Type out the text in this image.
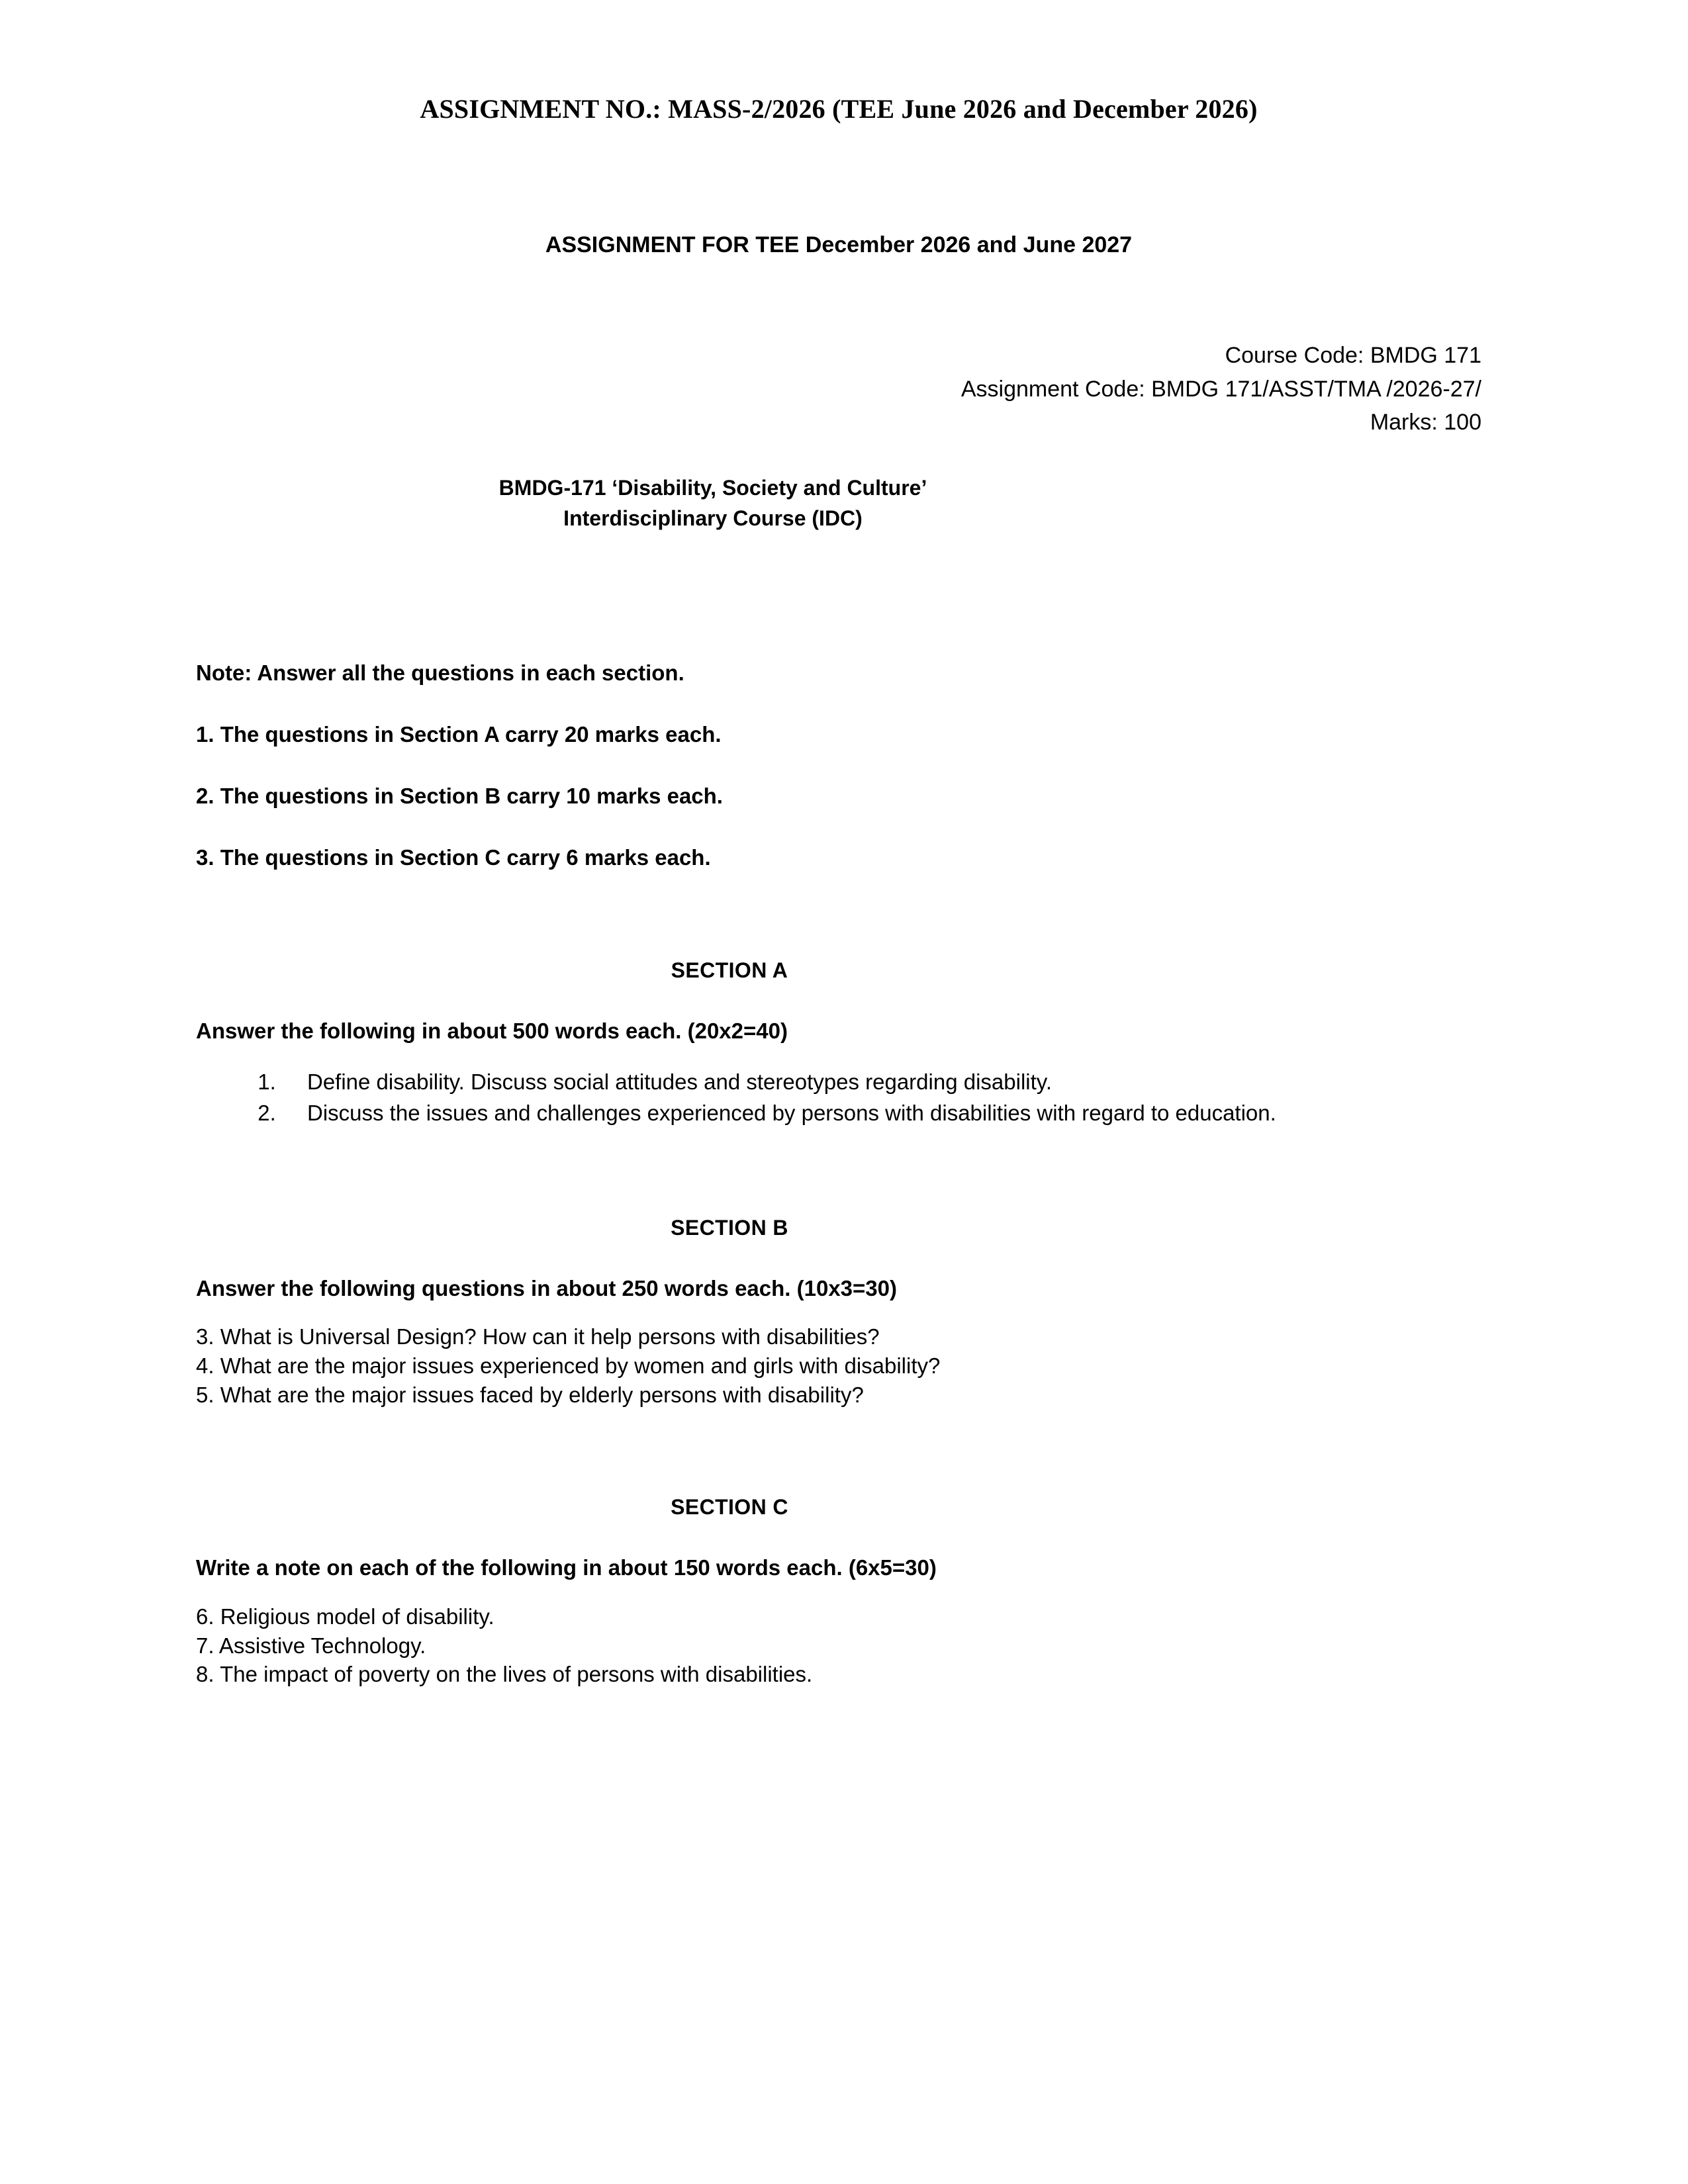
ASSIGNMENT NO.: MASS-2/2026 (TEE June 2026 and December 2026)
ASSIGNMENT FOR TEE December 2026 and June 2027
Course Code: BMDG 171
Assignment Code: BMDG 171/ASST/TMA /2026-27/
Marks: 100
BMDG-171 ‘Disability, Society and Culture’
Interdisciplinary Course (IDC)
Note: Answer all the questions in each section.
1. The questions in Section A carry 20 marks each.
2. The questions in Section B carry 10 marks each.
3. The questions in Section C carry 6 marks each.
SECTION A
Answer the following in about 500 words each. (20x2=40)
1. Define disability. Discuss social attitudes and stereotypes regarding disability.
2. Discuss the issues and challenges experienced by persons with disabilities with regard to education.
SECTION B
Answer the following questions in about 250 words each. (10x3=30)
3. What is Universal Design? How can it help persons with disabilities?
4. What are the major issues experienced by women and girls with disability?
5. What are the major issues faced by elderly persons with disability?
SECTION C
Write a note on each of the following in about 150 words each. (6x5=30)
6. Religious model of disability.
7. Assistive Technology.
8. The impact of poverty on the lives of persons with disabilities.
